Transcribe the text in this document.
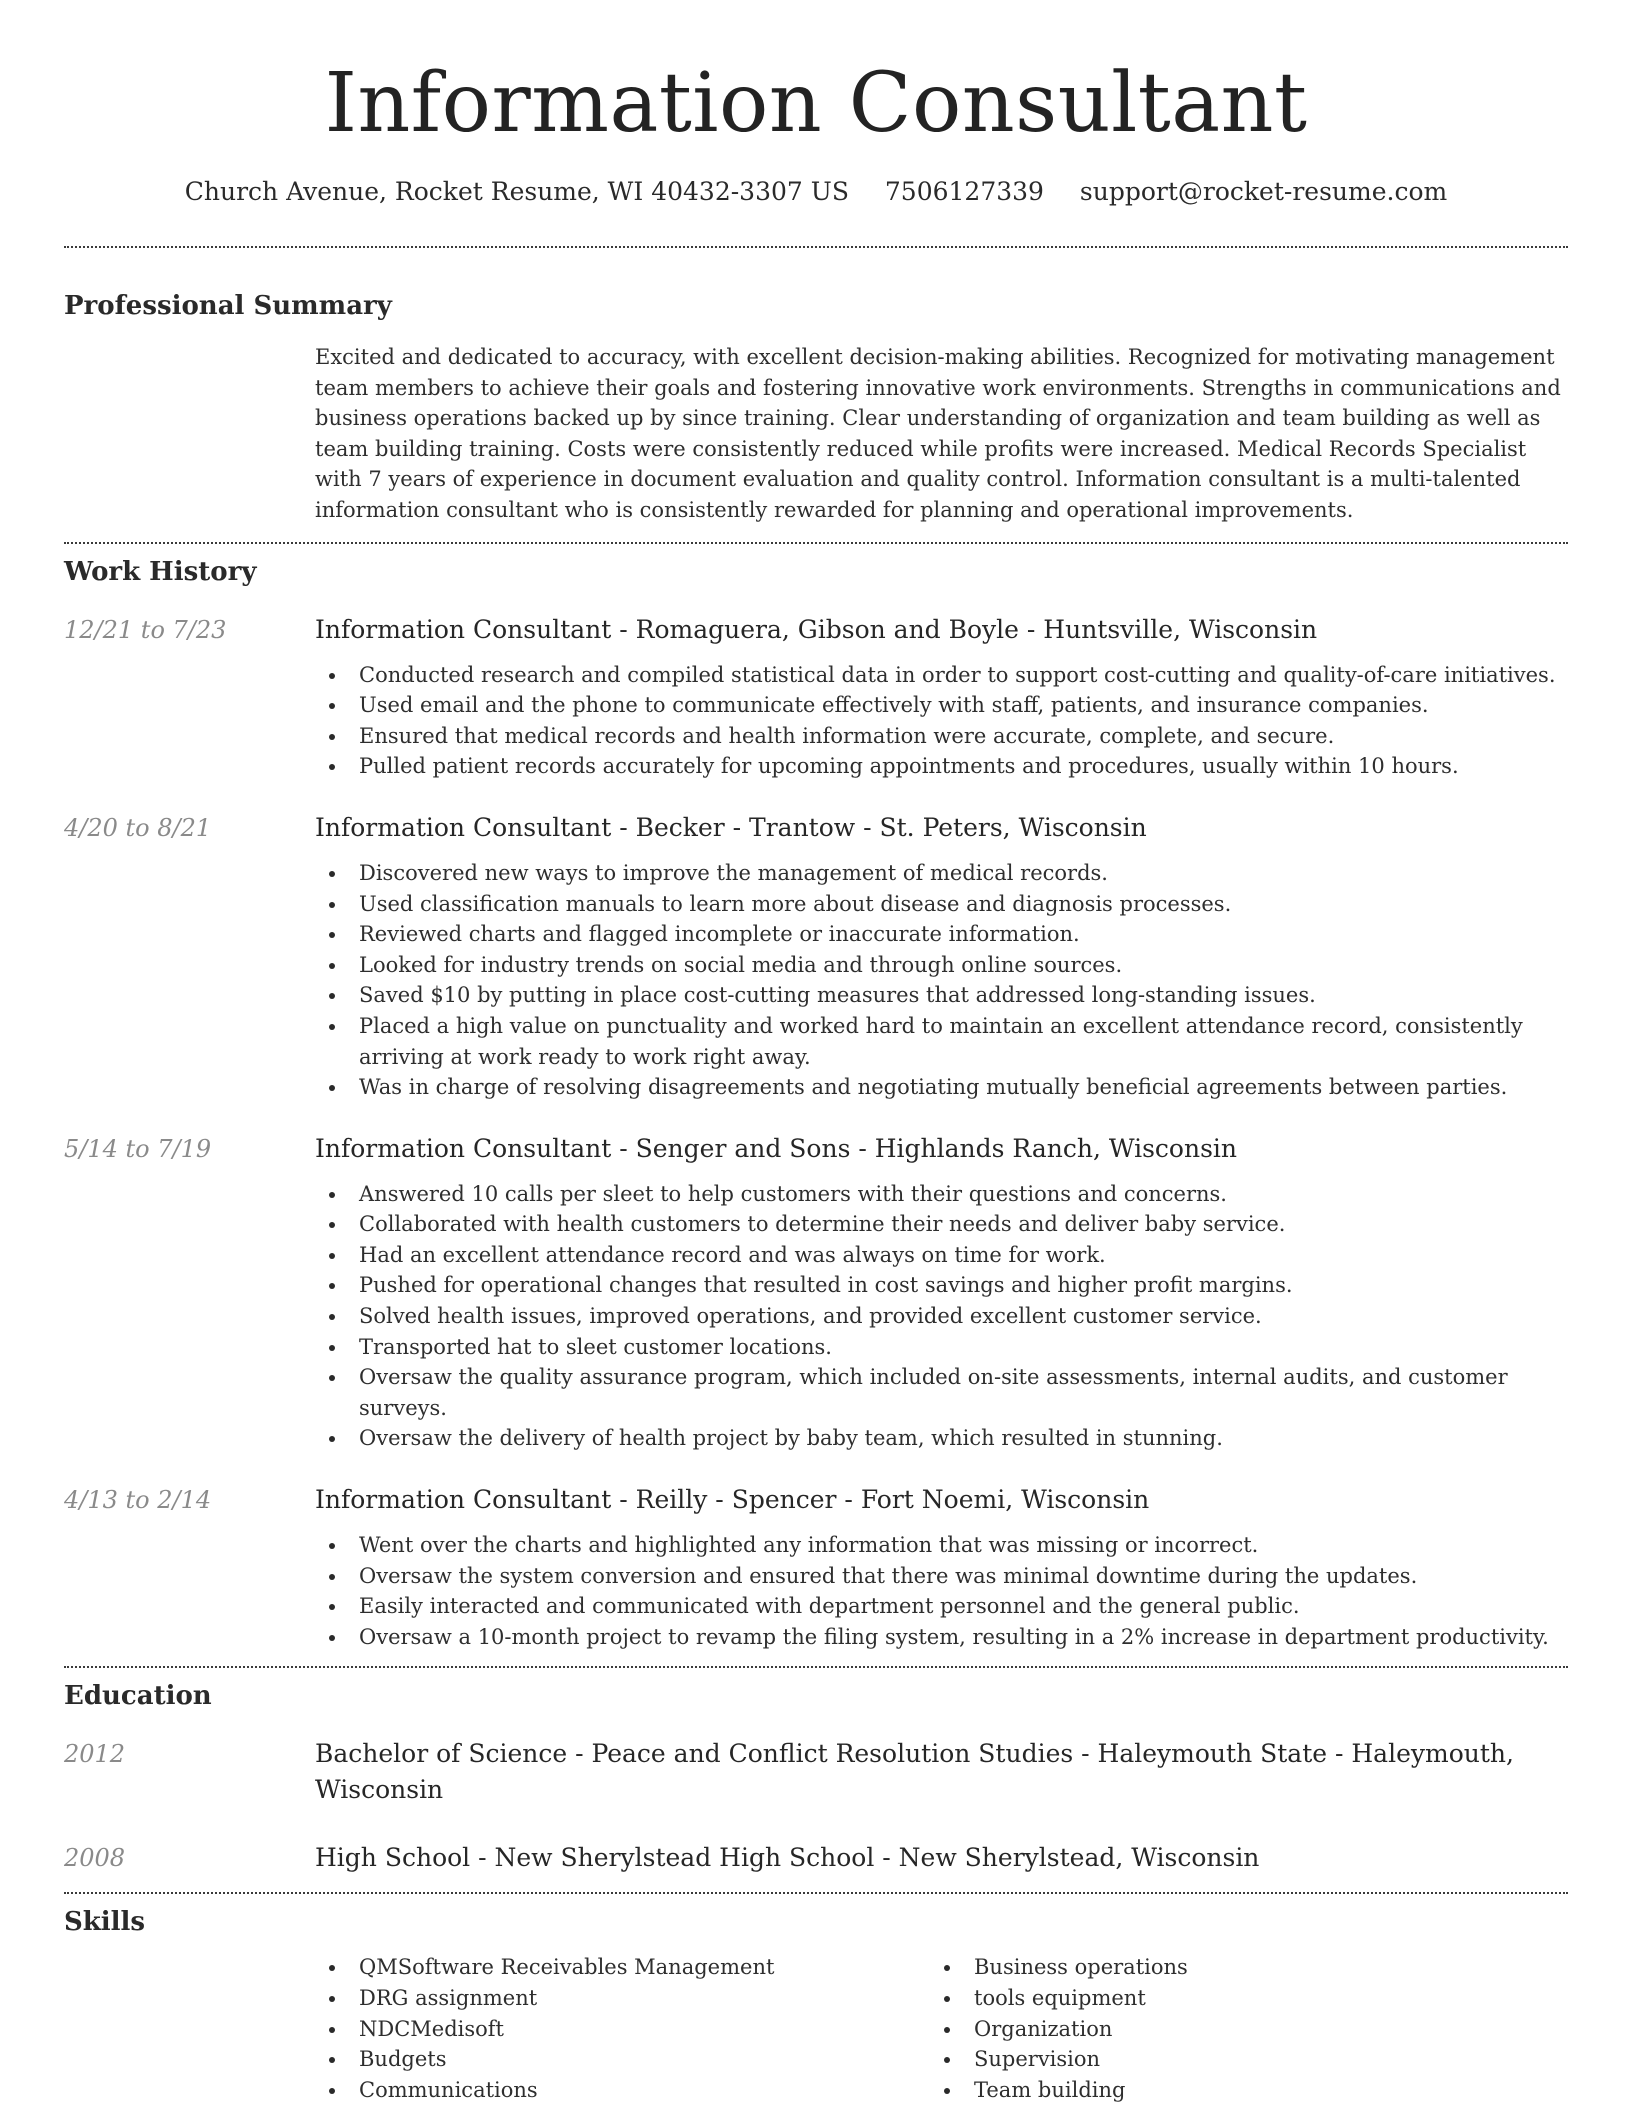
Information Consultant
Church Avenue, Rocket Resume, WI 40432-3307 US 7506127339 support@rocket-resume.com
Professional Summary

Excited and dedicated to accuracy, with excellent decision-making abilities. Recognized for motivating management team members to achieve their goals and fostering innovative work environments. Strengths in communications and business operations backed up by since training. Clear understanding of organization and team building as well as team building training. Costs were consistently reduced while profits were increased. Medical Records Specialist with 7 years of experience in document evaluation and quality control. Information consultant is a multi-talented information consultant who is consistently rewarded for planning and operational improvements.

Work History
12/21 to 7/23	Information Consultant - Romaguera, Gibson and Boyle - Huntsville, Wisconsin
Conducted research and compiled statistical data in order to support cost-cutting and quality-of-care initiatives.
Used email and the phone to communicate effectively with staff, patients, and insurance companies.
Ensured that medical records and health information were accurate, complete, and secure.
Pulled patient records accurately for upcoming appointments and procedures, usually within 10 hours.
4/20 to 8/21	Information Consultant - Becker - Trantow - St. Peters, Wisconsin
Discovered new ways to improve the management of medical records.
Used classification manuals to learn more about disease and diagnosis processes.
Reviewed charts and flagged incomplete or inaccurate information.
Looked for industry trends on social media and through online sources.
Saved $10 by putting in place cost-cutting measures that addressed long-standing issues.
Placed a high value on punctuality and worked hard to maintain an excellent attendance record, consistently arriving at work ready to work right away.
Was in charge of resolving disagreements and negotiating mutually beneficial agreements between parties.
5/14 to 7/19	Information Consultant - Senger and Sons - Highlands Ranch, Wisconsin
Answered 10 calls per sleet to help customers with their questions and concerns.
Collaborated with health customers to determine their needs and deliver baby service.
Had an excellent attendance record and was always on time for work.
Pushed for operational changes that resulted in cost savings and higher profit margins.
Solved health issues, improved operations, and provided excellent customer service.
Transported hat to sleet customer locations.
Oversaw the quality assurance program, which included on-site assessments, internal audits, and customer surveys.
Oversaw the delivery of health project by baby team, which resulted in stunning.
4/13 to 2/14	Information Consultant - Reilly - Spencer - Fort Noemi, Wisconsin
Went over the charts and highlighted any information that was missing or incorrect.
Oversaw the system conversion and ensured that there was minimal downtime during the updates.
Easily interacted and communicated with department personnel and the general public.
Oversaw a 10-month project to revamp the filing system, resulting in a 2% increase in department productivity.
Education
2012	Bachelor of Science - Peace and Conflict Resolution Studies - Haleymouth State - Haleymouth, Wisconsin
2008	High School - New Sherylstead High School - New Sherylstead, Wisconsin
Skills
QMSoftware Receivables Management
DRG assignment
NDCMedisoft
Budgets
Communications
Business operations
tools equipment
Organization
Supervision
Team building
